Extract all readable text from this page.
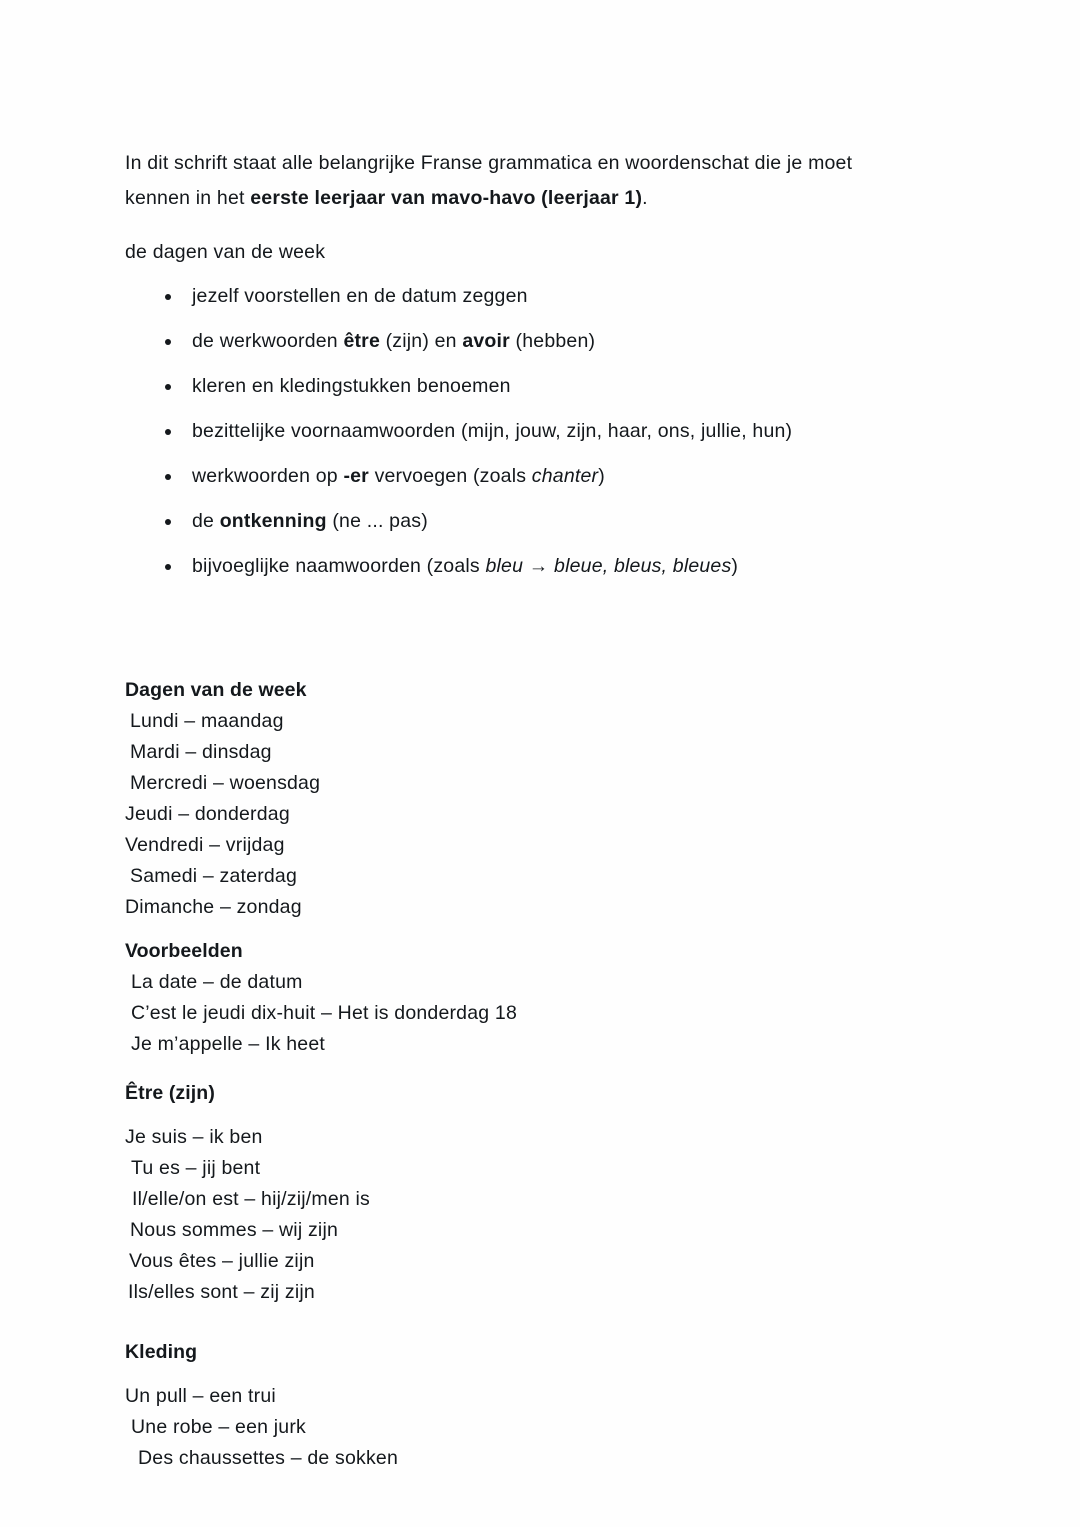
In dit schrift staat alle belangrijke Franse grammatica en woordenschat die je moet kennen in het eerste leerjaar van mavo-havo (leerjaar 1).

de dagen van de week
jezelf voorstellen en de datum zeggen
de werkwoorden être (zijn) en avoir (hebben)
kleren en kledingstukken benoemen
bezittelijke voornaamwoorden (mijn, jouw, zijn, haar, ons, jullie, hun)
werkwoorden op -er vervoegen (zoals chanter)
de ontkenning (ne ... pas)
bijvoeglijke naamwoorden (zoals bleu → bleue, bleus, bleues)
Dagen van de week
Lundi – maandag
Mardi – dinsdag
Mercredi – woensdag
Jeudi – donderdag
Vendredi – vrijdag
Samedi – zaterdag
Dimanche – zondag
Voorbeelden
La date – de datum
C’est le jeudi dix-huit – Het is donderdag 18
Je m’appelle – Ik heet
Être (zijn)
Je suis – ik ben
Tu es – jij bent
Il/elle/on est – hij/zij/men is
Nous sommes – wij zijn
Vous êtes – jullie zijn
Ils/elles sont – zij zijn
Kleding
Un pull – een trui
Une robe – een jurk
Des chaussettes – de sokken
